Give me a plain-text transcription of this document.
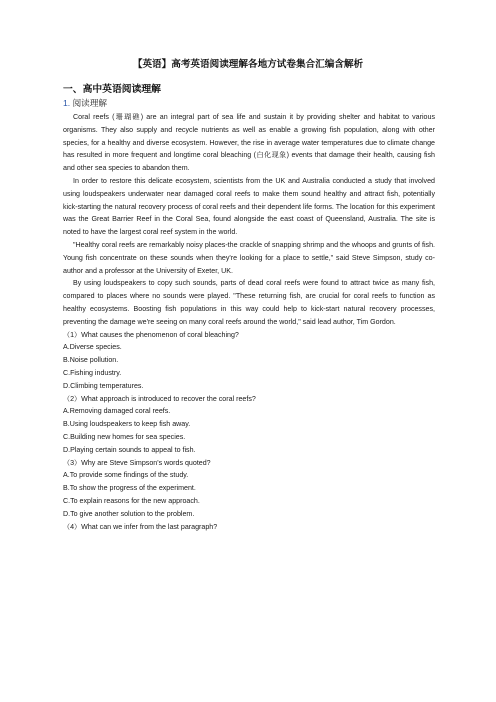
【英语】高考英语阅读理解各地方试卷集合汇编含解析
一、高中英语阅读理解
1. 阅读理解

Coral reefs (珊瑚礁) are an integral part of sea life and sustain it by providing shelter and habitat to various organisms. They also supply and recycle nutrients as well as enable a growing fish population, along with other species, for a healthy and diverse ecosystem. However, the rise in average water temperatures due to climate change has resulted in more frequent and longtime coral bleaching (白化现象) events that damage their health, causing fish and other sea species to abandon them.

In order to restore this delicate ecosystem, scientists from the UK and Australia conducted a study that involved using loudspeakers underwater near damaged coral reefs to make them sound healthy and attract fish, potentially kick-starting the natural recovery process of coral reefs and their dependent life forms. The location for this experiment was the Great Barrier Reef in the Coral Sea, found alongside the east coast of Queensland, Australia. The site is noted to have the largest coral reef system in the world.

"Healthy coral reefs are remarkably noisy places-the crackle of snapping shrimp and the whoops and grunts of fish. Young fish concentrate on these sounds when they're looking for a place to settle," said Steve Simpson, study co-author and a professor at the University of Exeter, UK.

By using loudspeakers to copy such sounds, parts of dead coral reefs were found to attract twice as many fish, compared to places where no sounds were played. "These returning fish, are crucial for coral reefs to function as healthy ecosystems. Boosting fish populations in this way could help to kick-start natural recovery processes, preventing the damage we're seeing on many coral reefs around the world," said lead author, Tim Gordon.

（1）What causes the phenomenon of coral bleaching?

A.Diverse species.

B.Noise pollution.

C.Fishing industry.

D.Climbing temperatures.

（2）What approach is introduced to recover the coral reefs?

A.Removing damaged coral reefs.

B.Using loudspeakers to keep fish away.

C.Building new homes for sea species.

D.Playing certain sounds to appeal to fish.

（3）Why are Steve Simpson's words quoted?

A.To provide some findings of the study.

B.To show the progress of the experiment.

C.To explain reasons for the new approach.

D.To give another solution to the problem.

（4）What can we infer from the last paragraph?
